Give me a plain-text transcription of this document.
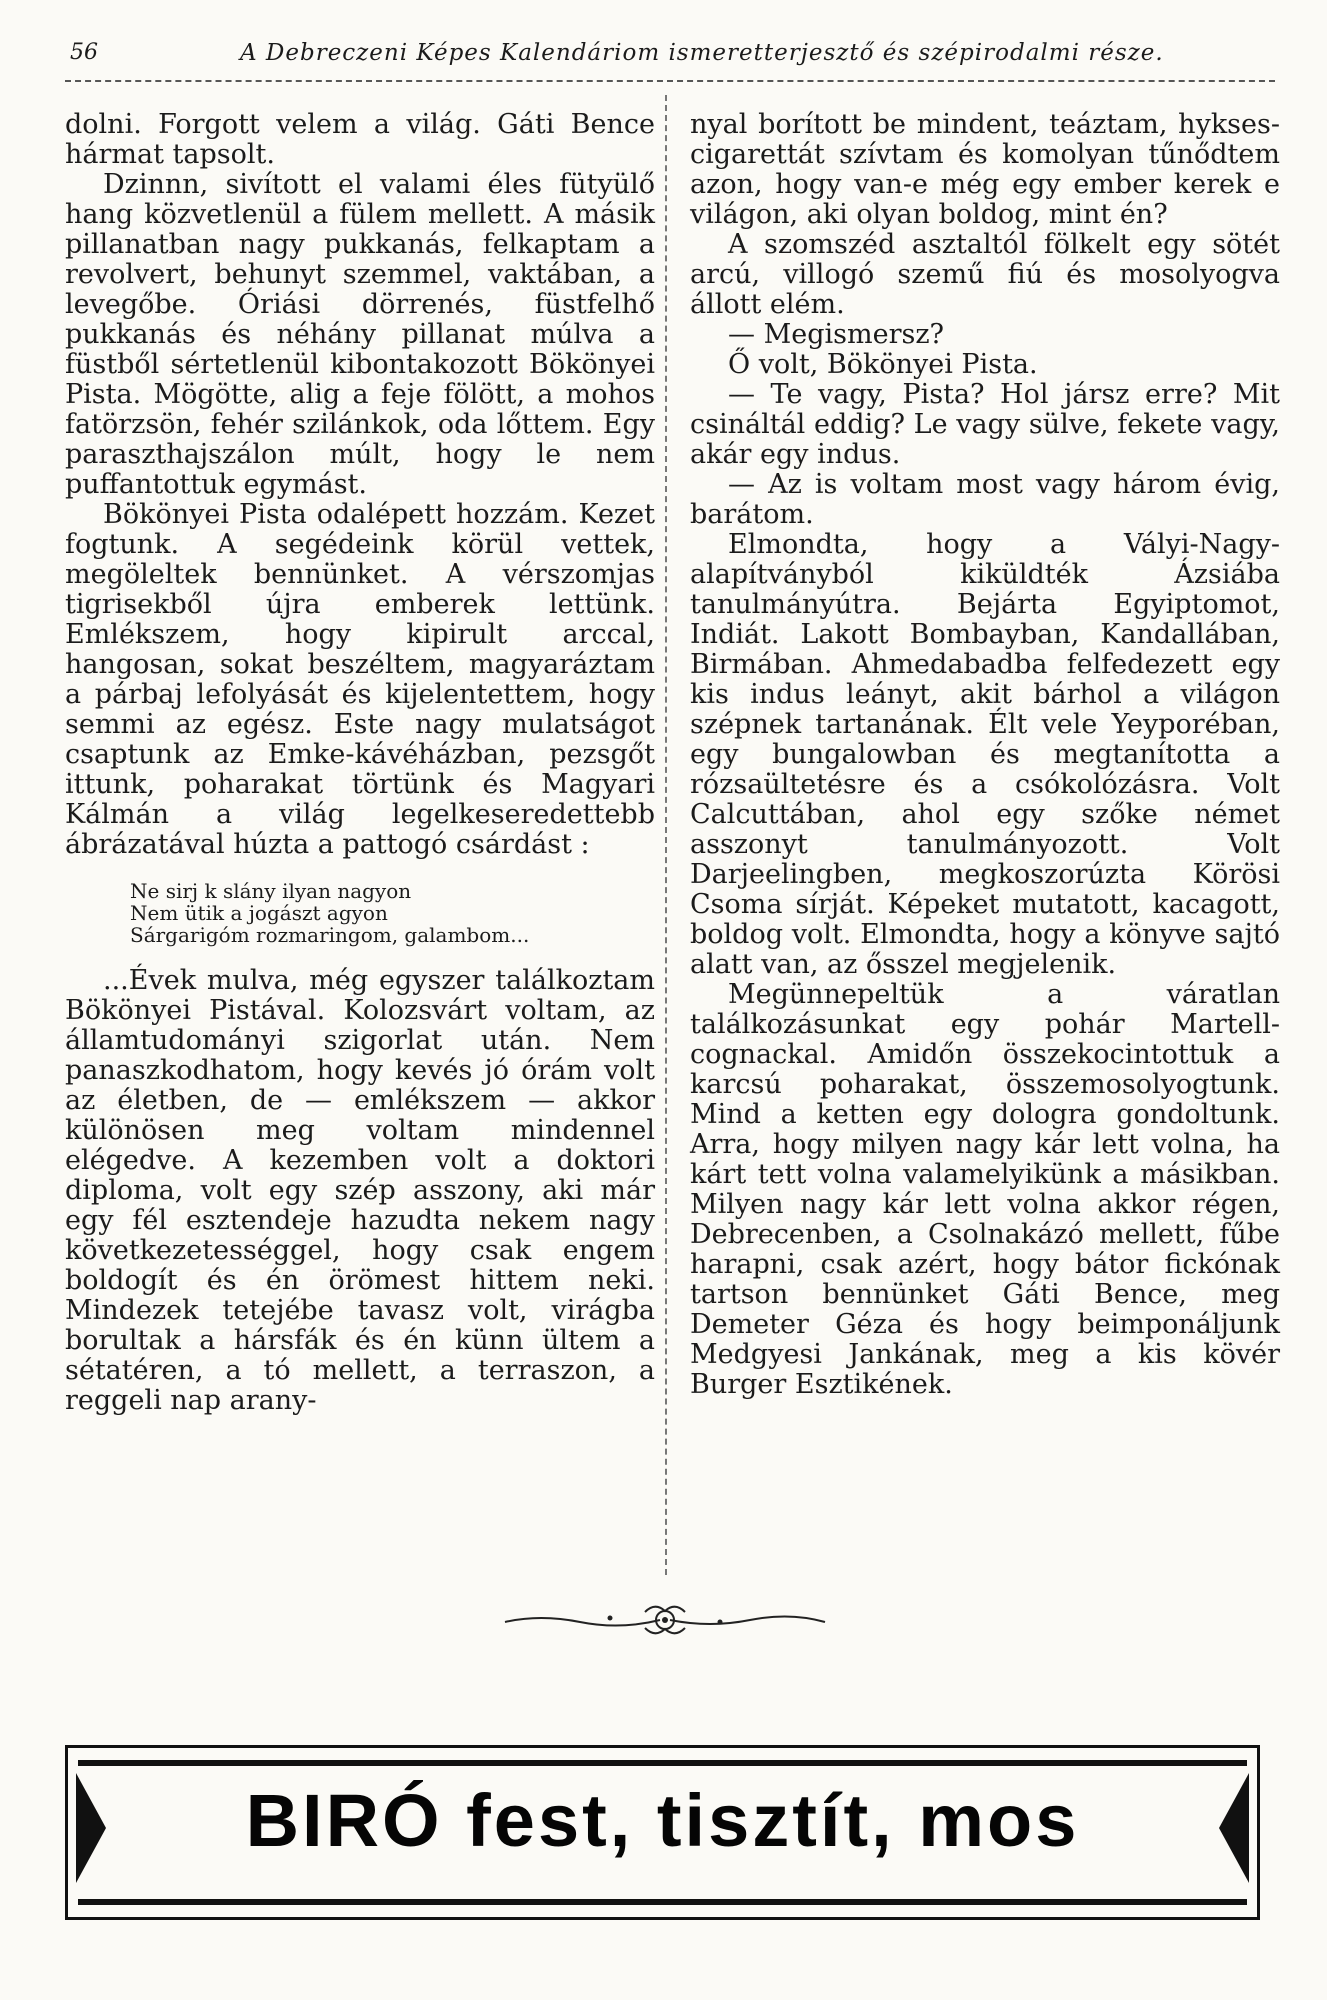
56	A Debreczeni Képes Kalendáriom ismeretterjesztő és szépirodalmi része.

dolni. Forgott velem a világ. Gáti Bence hármat tapsolt.

Dzinnn, sivított el valami éles fütyülő hang közvetlenül a fülem mellett. A másik pillanatban nagy pukkanás, felkaptam a revolvert, behunyt szemmel, vaktában, a levegőbe. Óriási dörrenés, füstfelhő pukkanás és néhány pillanat múlva a füstből sértetlenül kibontakozott Bökönyei Pista. Mögötte, alig a feje fölött, a mohos fatörzsön, fehér szilánkok, oda lőttem. Egy paraszthajszálon múlt, hogy le nem puffantottuk egymást.

Bökönyei Pista odalépett hozzám. Kezet fogtunk. A segédeink körül vettek, megöleltek bennünket. A vérszomjas tigrisekből újra emberek lettünk. Emlékszem, hogy kipirult arccal, hangosan, sokat beszéltem, magyaráztam a párbaj lefolyását és kijelentettem, hogy semmi az egész. Este nagy mulatságot csaptunk az Emke-kávéházban, pezsgőt ittunk, poharakat törtünk és Magyari Kálmán a világ legelkeseredettebb ábrázatával húzta a pattogó csárdást :

Ne sirj k slány ilyan nagyon
Nem ütik a jogászt agyon
Sárgarigóm rozmaringom, galambom...

...Évek mulva, még egyszer találkoztam Bökönyei Pistával. Kolozsvárt voltam, az államtudományi szigorlat után. Nem panaszkodhatom, hogy kevés jó órám volt az életben, de — emlékszem — akkor különösen meg voltam mindennel elégedve. A kezemben volt a doktori diploma, volt egy szép asszony, aki már egy fél esztendeje hazudta nekem nagy következetességgel, hogy csak engem boldogít és én örömest hittem neki. Mindezek tetejébe tavasz volt, virágba borultak a hársfák és én künn ültem a sétatéren, a tó mellett, a terraszon, a reggeli nap arany-

nyal borított be mindent, teáztam, hykses-cigarettát szívtam és komolyan tűnődtem azon, hogy van-e még egy ember kerek e világon, aki olyan boldog, mint én?

A szomszéd asztaltól fölkelt egy sötét arcú, villogó szemű fiú és mosolyogva állott elém.

— Megismersz?

Ő volt, Bökönyei Pista.

— Te vagy, Pista? Hol jársz erre? Mit csináltál eddig? Le vagy sülve, fekete vagy, akár egy indus.

— Az is voltam most vagy három évig, barátom.

Elmondta, hogy a Vályi-Nagy-alapítványból kiküldték Ázsiába tanulmányútra. Bejárta Egyiptomot, Indiát. Lakott Bombayban, Kandallában, Birmában. Ahmedabadba felfedezett egy kis indus leányt, akit bárhol a világon szépnek tartanának. Élt vele Yeyporéban, egy bungalowban és megtanította a rózsaültetésre és a csókolózásra. Volt Calcuttában, ahol egy szőke német asszonyt tanulmányozott. Volt Darjeelingben, megkoszorúzta Körösi Csoma sírját. Képeket mutatott, kacagott, boldog volt. Elmondta, hogy a könyve sajtó alatt van, az ősszel megjelenik.

Megünnepeltük a váratlan találkozásunkat egy pohár Martell-cognackal. Amidőn összekocintottuk a karcsú poharakat, összemosolyogtunk. Mind a ketten egy dologra gondoltunk. Arra, hogy milyen nagy kár lett volna, ha kárt tett volna valamelyikünk a másikban. Milyen nagy kár lett volna akkor régen, Debrecenben, a Csolnakázó mellett, fűbe harapni, csak azért, hogy bátor fickónak tartson bennünket Gáti Bence, meg Demeter Géza és hogy beimponáljunk Medgyesi Jankának, meg a kis kövér Burger Esztikének.

BIRÓ fest, tisztít, mos
